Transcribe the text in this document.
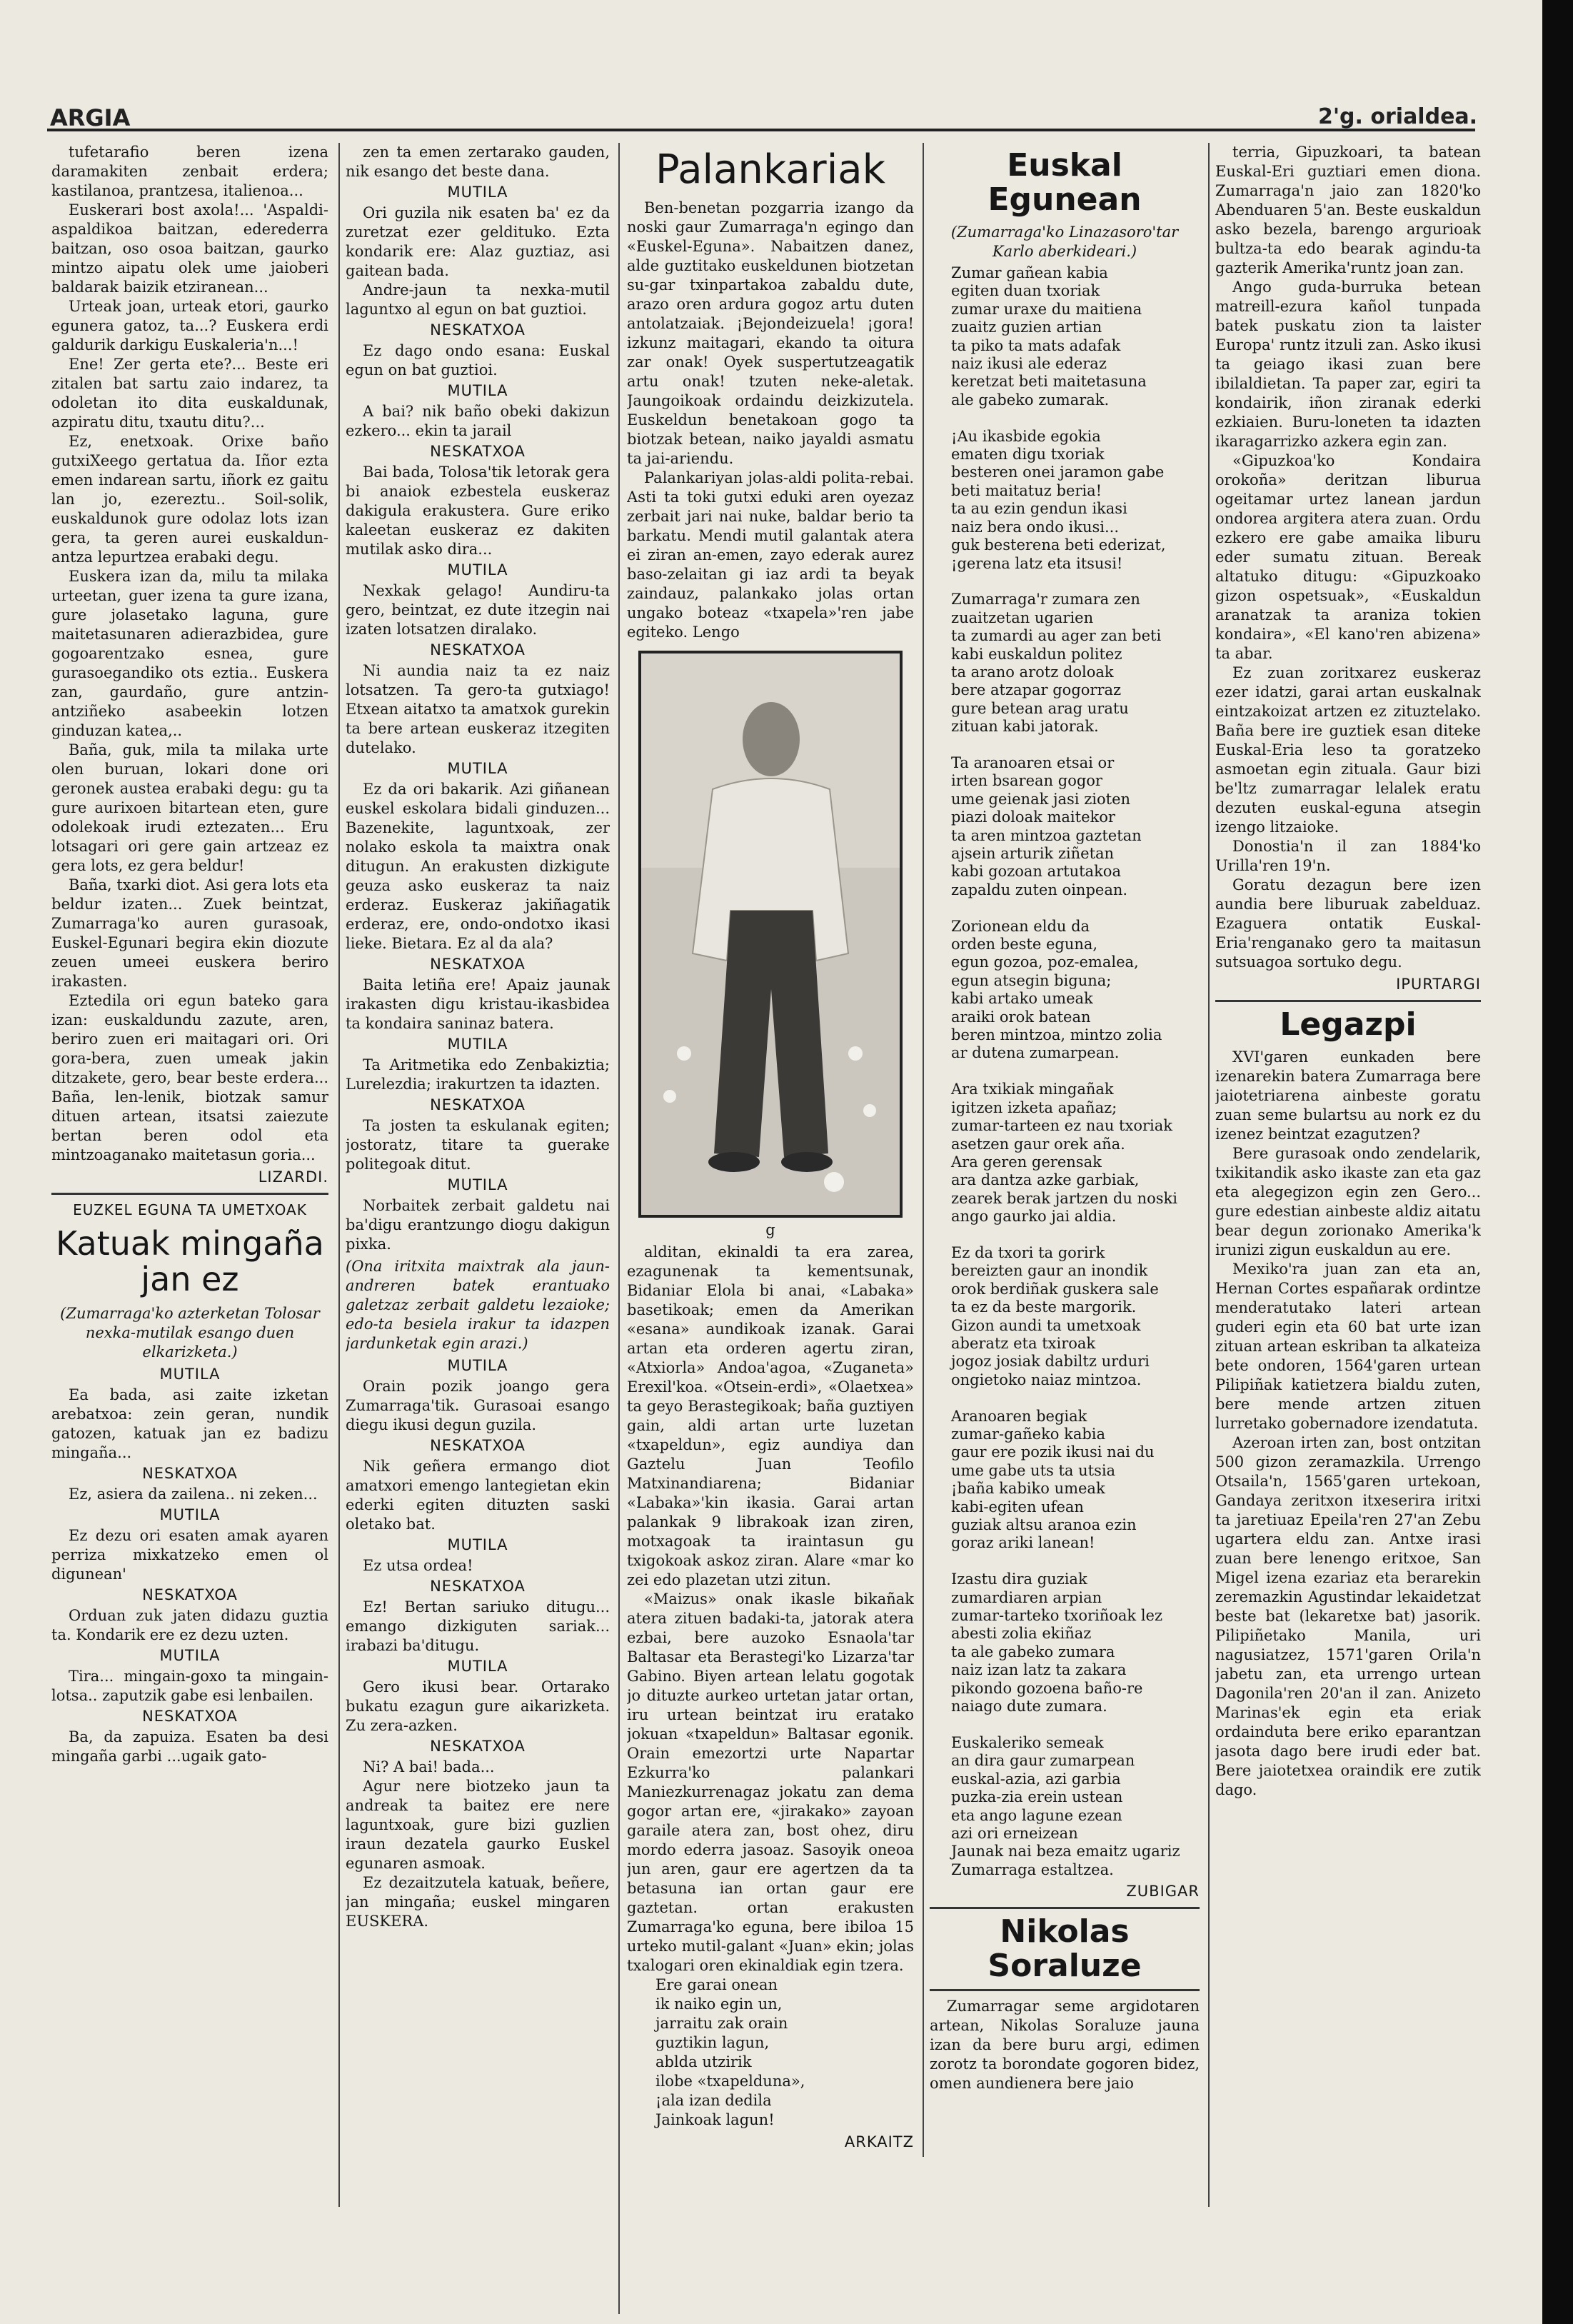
ARGIA	2'g. orialdea.

tufetarafio beren izena daramakiten zenbait erdera; kastilanoa, prantzesa, italienoa...

Euskerari bost axola!... 'Aspaldi-aspaldikoa baitzan, ederederra baitzan, oso osoa baitzan, gaurko mintzo aipatu olek ume jaioberi baldarak baizik etziranean...

Urteak joan, urteak etori, gaurko egunera gatoz, ta...? Euskera erdi galdurik darkigu Euskaleria'n...!

Ene! Zer gerta ete?... Beste eri zitalen bat sartu zaio indarez, ta odoletan ito dita euskaldunak, azpiratu ditu, txautu ditu?...

Ez, enetxoak. Orixe baño gutxiXeego gertatua da. Iñor ezta emen indarean sartu, iñork ez gaitu lan jo, ezereztu.. Soil-solik, euskaldunok gure odolaz lots izan gera, ta geren aurei euskaldun-antza lepurtzea erabaki degu.

Euskera izan da, milu ta milaka urteetan, guer izena ta gure izana, gure jolasetako laguna, gure maitetasunaren adierazbidea, gure gogoarentzako esnea, gure gurasoegandiko ots eztia.. Euskera zan, gaurdaño, gure antzin-antziñeko asabeekin lotzen ginduzan katea,..

Baña, guk, mila ta milaka urte olen buruan, lokari done ori geronek austea erabaki degu: gu ta gure aurixoen bitartean eten, gure odolekoak irudi eztezaten... Eru lotsagari ori gere gain artzeaz ez gera lots, ez gera beldur!

Baña, txarki diot. Asi gera lots eta beldur izaten... Zuek beintzat, Zumarraga'ko auren gurasoak, Euskel-Egunari begira ekin diozute zeuen umeei euskera beriro irakasten.

Eztedila ori egun bateko gara izan: euskaldundu zazute, aren, beriro zuen eri maitagari ori. Ori gora-bera, zuen umeak jakin ditzakete, gero, bear beste erdera... Baña, len-lenik, biotzak samur dituen artean, itsatsi zaiezute bertan beren odol eta mintzoaganako maitetasun goria...

LIZARDI.

EUZKEL EGUNA TA UMETXOAK
Katuak mingaña jan ez

(Zumarraga'ko azterketan Tolosar nexka-mutilak esango duen elkarizketa.)

MUTILA

Ea bada, asi zaite izketan arebatxoa: zein geran, nundik gatozen, katuak jan ez badizu mingaña...

NESKATXOA

Ez, asiera da zailena.. ni zeken...

MUTILA

Ez dezu ori esaten amak ayaren perriza mixkatzeko emen ol digunean'

NESKATXOA

Orduan zuk jaten didazu guztia ta. Kondarik ere ez dezu uzten.

MUTILA

Tira... mingain-goxo ta mingain-lotsa.. zaputzik gabe esi lenbailen.

NESKATXOA

Ba, da zapuiza. Esaten ba desi mingaña garbi ...ugaik gato-

zen ta emen zertarako gauden, nik esango det beste dana.

MUTILA

Ori guzila nik esaten ba' ez da zuretzat ezer geldituko. Ezta kondarik ere: Alaz guztiaz, asi gaitean bada.

Andre-jaun ta nexka-mutil laguntxo al egun on bat guztioi.

NESKATXOA

Ez dago ondo esana: Euskal egun on bat guztioi.

MUTILA

A bai? nik baño obeki dakizun ezkero... ekin ta jarail

NESKATXOA

Bai bada, Tolosa'tik letorak gera bi anaiok ezbestela euskeraz dakigula erakustera. Gure eriko kaleetan euskeraz ez dakiten mutilak asko dira...

MUTILA

Nexkak gelago! Aundiru-ta gero, beintzat, ez dute itzegin nai izaten lotsatzen diralako.

NESKATXOA

Ni aundia naiz ta ez naiz lotsatzen. Ta gero-ta gutxiago! Etxean aitatxo ta amatxok gurekin ta bere artean euskeraz itzegiten dutelako.

MUTILA

Ez da ori bakarik. Azi giñanean euskel eskolara bidali ginduzen... Bazenekite, laguntxoak, zer nolako eskola ta maixtra onak ditugun. An erakusten dizkigute geuza asko euskeraz ta naiz erderaz. Euskeraz jakiñagatik erderaz, ere, ondo-ondotxo ikasi lieke. Bietara. Ez al da ala?

NESKATXOA

Baita letiña ere! Apaiz jaunak irakasten digu kristau-ikasbidea ta kondaira saninaz batera.

MUTILA

Ta Aritmetika edo Zenbakiztia; Lurelezdia; irakurtzen ta idazten.

NESKATXOA

Ta josten ta eskulanak egiten; jostoratz, titare ta guerake politegoak ditut.

MUTILA

Norbaitek zerbait galdetu nai ba'digu erantzungo diogu dakigun pixka.

(Ona iritxita maixtrak ala jaun-andreren batek erantuako galetzaz zerbait galdetu lezaioke; edo-ta besiela irakur ta idazpen jardunketak egin arazi.)

MUTILA

Orain pozik joango gera Zumarraga'tik. Gurasoai esango diegu ikusi degun guzila.

NESKATXOA

Nik geñera ermango diot amatxori emengo lantegietan ekin ederki egiten dituzten saski oletako bat.

MUTILA

Ez utsa ordea!

NESKATXOA

Ez! Bertan sariuko ditugu... emango dizkiguten sariak... irabazi ba'ditugu.

MUTILA

Gero ikusi bear. Ortarako bukatu ezagun gure aikarizketa. Zu zera-azken.

NESKATXOA

Ni? A bai! bada...

Agur nere biotzeko jaun ta andreak ta baitez ere nere laguntxoak, gure bizi guzlien iraun dezatela gaurko Euskel egunaren asmoak.

Ez dezaitzutela katuak, beñere, jan mingaña; euskel mingaren EUSKERA.

Palankariak

Ben-benetan pozgarria izango da noski gaur Zumarraga'n egingo dan «Euskel-Eguna». Nabaitzen danez, alde guztitako euskeldunen biotzetan su-gar txinpartakoa zabaldu dute, arazo oren ardura gogoz artu duten antolatzaiak. ¡Bejondeizuela! ¡gora! izkunz maitagari, ekando ta oitura zar onak! Oyek suspertutzeagatik artu onak! tzuten neke-aletak. Jaungoikoak ordaindu deizkizutela. Euskeldun benetakoan gogo ta biotzak betean, naiko jayaldi asmatu ta jai-ariendu.

Palankariyan jolas-aldi polita-rebai. Asti ta toki gutxi eduki aren oyezaz zerbait jari nai nuke, baldar berio ta barkatu. Mendi mutil galantak atera ei ziran an-emen, zayo ederak aurez baso-zelaitan gi iaz ardi ta beyak zaindauz, palankako jolas ortan ungako boteaz «txapela»'ren jabe egiteko. Lengo

g

alditan, ekinaldi ta era zarea, ezagunenak ta kementsunak, Bidaniar Elola bi anai, «Labaka» basetikoak; emen da Amerikan «esana» aundikoak izanak. Garai artan eta orderen agertu ziran, «Atxiorla» Andoa'agoa, «Zuganeta» Erexil'koa. «Otsein-erdi», «Olaetxea» ta geyo Berastegikoak; baña guztiyen gain, aldi artan urte luzetan «txapeldun», egiz aundiya dan Gaztelu Juan Teofilo Matxinandiarena; Bidaniar «Labaka»'kin ikasia. Garai artan palankak 9 librakoak izan ziren, motxagoak ta iraintasun gu txigokoak askoz ziran. Alare «mar ko zei edo plazetan utzi zitun.

«Maizus» onak ikasle bikañak atera zituen badaki-ta, jatorak atera ezbai, bere auzoko Esnaola'tar Baltasar eta Berastegi'ko Lizarza'tar Gabino. Biyen artean lelatu gogotak jo dituzte aurkeo urtetan jatar ortan, iru urtean beintzat iru eratako jokuan «txapeldun» Baltasar egonik. Orain emezortzi urte Napartar Ezkurra'ko palankari Maniezkurrenagaz jokatu zan dema gogor artan ere, «jirakako» zayoan garaile atera zan, bost ohez, diru mordo ederra jasoaz. Sasoyik oneoa jun aren, gaur ere agertzen da ta betasuna ian ortan gaur ere gaztetan. ortan erakusten Zumarraga'ko eguna, bere ibiloa 15 urteko mutil-galant «Juan» ekin; jolas txalogari oren ekinaldiak egin tzera.

Ere garai onean
ik naiko egin un,
jarraitu zak orain
guztikin lagun,
ablda utzirik
ilobe «txapelduna»,
¡ala izan dedila
Jainkoak lagun!

ARKAITZ

Euskal Egunean

(Zumarraga'ko Linazasoro'tar Karlo aberkideari.)

Zumar gañean kabia
egiten duan txoriak
zumar uraxe du maitiena
zuaitz guzien artian
ta piko ta mats adafak
naiz ikusi ale ederaz
keretzat beti maitetasuna
ale gabeko zumarak.

¡Au ikasbide egokia
ematen digu txoriak
besteren onei jaramon gabe
beti maitatuz beria!
ta au ezin gendun ikasi
naiz bera ondo ikusi...
guk besterena beti ederizat,
¡gerena latz eta itsusi!

Zumarraga'r zumara zen
zuaitzetan ugarien
ta zumardi au ager zan beti
kabi euskaldun politez
ta arano arotz doloak
bere atzapar gogorraz
gure betean arag uratu
zituan kabi jatorak.

Ta aranoaren etsai or
irten bsarean gogor
ume geienak jasi zioten
piazi doloak maitekor
ta aren mintzoa gaztetan
ajsein arturik ziñetan
kabi gozoan artutakoa
zapaldu zuten oinpean.

Zorionean eldu da
orden beste eguna,
egun gozoa, poz-emalea,
egun atsegin biguna;
kabi artako umeak
araiki orok batean
beren mintzoa, mintzo zolia
ar dutena zumarpean.

Ara txikiak mingañak
igitzen izketa apañaz;
zumar-tarteen ez nau txoriak
asetzen gaur orek aña.
Ara geren gerensak
ara dantza azke garbiak,
zearek berak jartzen du noski
ango gaurko jai aldia.

Ez da txori ta gorirk
bereizten gaur an inondik
orok berdiñak guskera sale
ta ez da beste margorik.
Gizon aundi ta umetxoak
aberatz eta txiroak
jogoz josiak dabiltz urduri
ongietoko naiaz mintzoa.

Aranoaren begiak
zumar-gañeko kabia
gaur ere pozik ikusi nai du
ume gabe uts ta utsia
¡baña kabiko umeak
kabi-egiten ufean
guziak altsu aranoa ezin
goraz ariki lanean!

Izastu dira guziak
zumardiaren arpian
zumar-tarteko txoriñoak lez
abesti zolia ekiñaz
ta ale gabeko zumara
naiz izan latz ta zakara
pikondo gozoena baño-re
naiago dute zumara.

Euskaleriko semeak
an dira gaur zumarpean
euskal-azia, azi garbia
puzka-zia erein ustean
eta ango lagune ezean
azi ori erneizean
Jaunak nai beza emaitz ugariz
Zumarraga estaltzea.

ZUBIGAR

Nikolas Soraluze

Zumarragar seme argidotaren artean, Nikolas Soraluze jauna izan da bere buru argi, edimen zorotz ta borondate gogoren bidez, omen aundienera bere jaio

terria, Gipuzkoari, ta batean Euskal-Eri guztiari emen diona. Zumarraga'n jaio zan 1820'ko Abenduaren 5'an. Beste euskaldun asko bezela, barengo argurioak bultza-ta edo bearak agindu-ta gazterik Amerika'runtz joan zan.

Ango guda-burruka betean matreill-ezura kañol tunpada batek puskatu zion ta laister Europa' runtz itzuli zan. Asko ikusi ta geiago ikasi zuan bere ibilaldietan. Ta paper zar, egiri ta kondairik, iñon ziranak ederki ezkiaien. Buru-loneten ta idazten ikaragarrizko azkera egin zan.

«Gipuzkoa'ko Kondaira orokoña» deritzan liburua ogeitamar urtez lanean jardun ondorea argitera atera zuan. Ordu ezkero ere gabe amaika liburu eder sumatu zituan. Bereak altatuko ditugu: «Gipuzkoako gizon ospetsuak», «Euskaldun aranatzak ta araniza tokien kondaira», «El kano'ren abizena» ta abar.

Ez zuan zoritxarez euskeraz ezer idatzi, garai artan euskalnak eintzakoizat artzen ez zituztelako. Baña bere ire guztiek esan diteke Euskal-Eria leso ta goratzeko asmoetan egin zituala. Gaur bizi be'ltz zumarragar lelalek eratu dezuten euskal-eguna atsegin izengo litzaioke.

Donostia'n il zan 1884'ko Urilla'ren 19'n.

Goratu dezagun bere izen aundia bere liburuak zabelduaz. Ezaguera ontatik Euskal-Eria'renganako gero ta maitasun sutsuagoa sortuko degu.

IPURTARGI

Legazpi

XVI'garen eunkaden bere izenarekin batera Zumarraga bere jaiotetriarena ainbeste goratu zuan seme bulartsu au nork ez du izenez beintzat ezagutzen?

Bere gurasoak ondo zendelarik, txikitandik asko ikaste zan eta gaz eta alegegizon egin zen Gero... gure edestian ainbeste aldiz aitatu bear degun zorionako Amerika'k irunizi zigun euskaldun au ere.

Mexiko'ra juan zan eta an, Hernan Cortes españarak ordintze menderatutako lateri artean guderi egin eta 60 bat urte izan zituan artean eskriban ta alkateiza bete ondoren, 1564'garen urtean Pilipiñak katietzera bialdu zuten, bere mende artzen zituen lurretako gobernadore izendatuta.

Azeroan irten zan, bost ontzitan 500 gizon zeramazkila. Urrengo Otsaila'n, 1565'garen urtekoan, Gandaya zeritxon itxeserira iritxi ta jaretiuaz Epeila'ren 27'an Zebu ugartera eldu zan. Antxe irasi zuan bere lenengo eritxoe, San Migel izena ezariaz eta berarekin zeremazkin Agustindar lekaidetzat beste bat (lekaretxe bat) jasorik. Pilipiñetako Manila, uri nagusiatzez, 1571'garen Orila'n jabetu zan, eta urrengo urtean Dagonila'ren 20'an il zan. Anizeto Marinas'ek egin eta eriak ordainduta bere eriko eparantzan jasota dago bere irudi eder bat. Bere jaiotetxea oraindik ere zutik dago.
